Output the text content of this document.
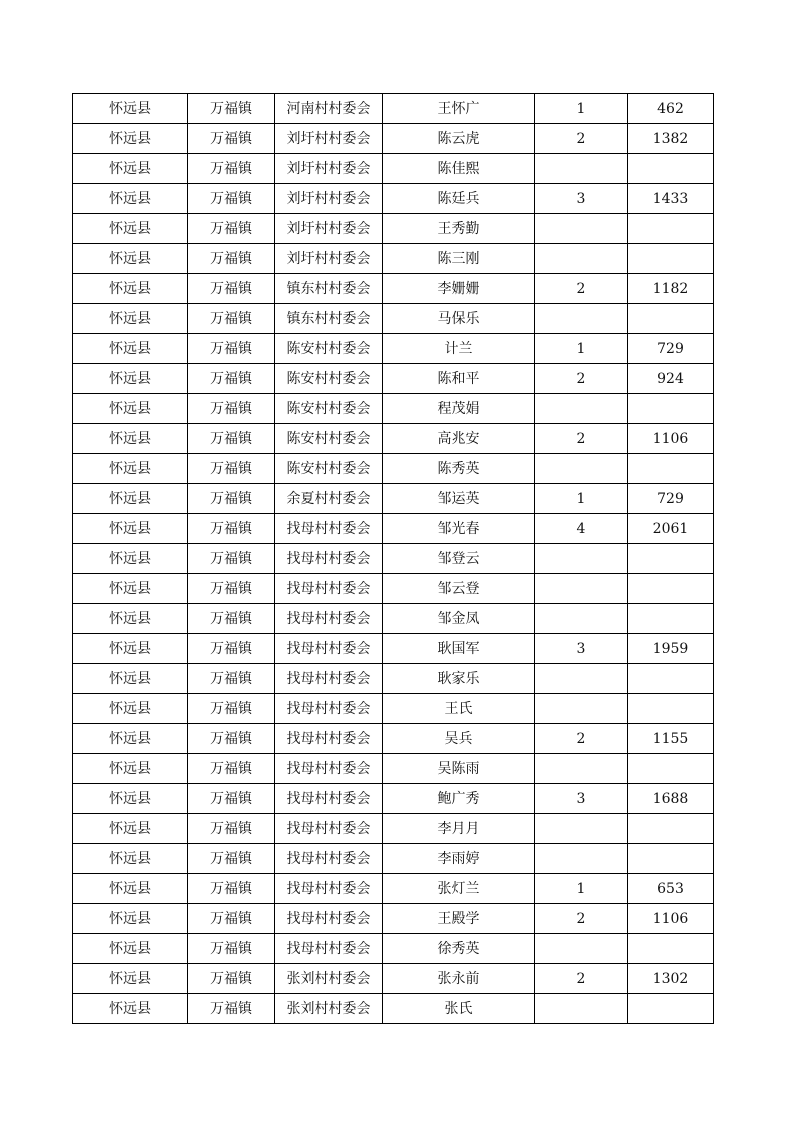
怀远县	万福镇	河南村村委会	王怀广	1	462
怀远县	万福镇	刘圩村村委会	陈云虎	2	1382
怀远县	万福镇	刘圩村村委会	陈佳熙		
怀远县	万福镇	刘圩村村委会	陈廷兵	3	1433
怀远县	万福镇	刘圩村村委会	王秀勤		
怀远县	万福镇	刘圩村村委会	陈三刚		
怀远县	万福镇	镇东村村委会	李姗姗	2	1182
怀远县	万福镇	镇东村村委会	马保乐		
怀远县	万福镇	陈安村村委会	计兰	1	729
怀远县	万福镇	陈安村村委会	陈和平	2	924
怀远县	万福镇	陈安村村委会	程茂娟		
怀远县	万福镇	陈安村村委会	高兆安	2	1106
怀远县	万福镇	陈安村村委会	陈秀英		
怀远县	万福镇	余夏村村委会	邹运英	1	729
怀远县	万福镇	找母村村委会	邹光春	4	2061
怀远县	万福镇	找母村村委会	邹登云		
怀远县	万福镇	找母村村委会	邹云登		
怀远县	万福镇	找母村村委会	邹金凤		
怀远县	万福镇	找母村村委会	耿国军	3	1959
怀远县	万福镇	找母村村委会	耿家乐		
怀远县	万福镇	找母村村委会	王氏		
怀远县	万福镇	找母村村委会	吴兵	2	1155
怀远县	万福镇	找母村村委会	吴陈雨		
怀远县	万福镇	找母村村委会	鲍广秀	3	1688
怀远县	万福镇	找母村村委会	李月月		
怀远县	万福镇	找母村村委会	李雨婷		
怀远县	万福镇	找母村村委会	张灯兰	1	653
怀远县	万福镇	找母村村委会	王殿学	2	1106
怀远县	万福镇	找母村村委会	徐秀英		
怀远县	万福镇	张刘村村委会	张永前	2	1302
怀远县	万福镇	张刘村村委会	张氏		
